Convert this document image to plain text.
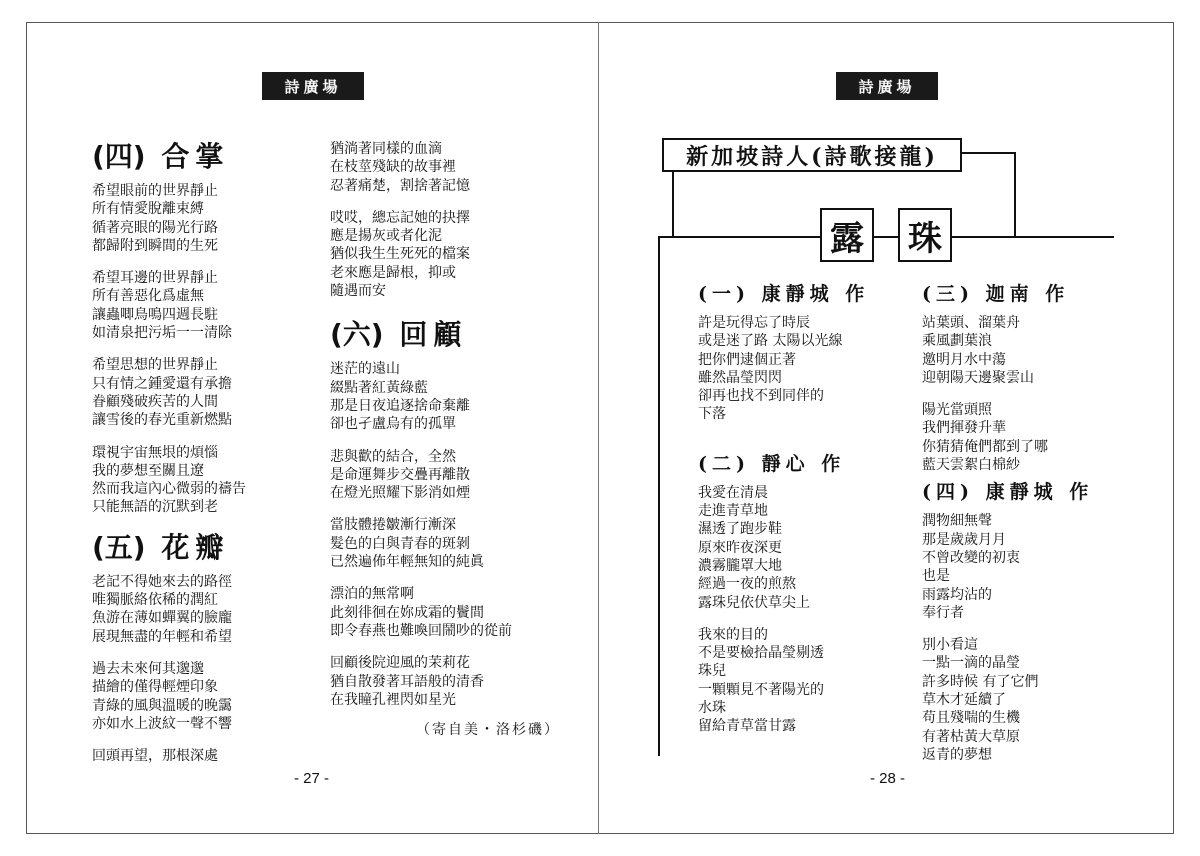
詩廣場
(四) 合掌
希望眼前的世界靜止
所有情愛脫離束縛
循著亮眼的陽光行路
都歸附到瞬間的生死
希望耳邊的世界靜止
所有善惡化爲虛無
讓蟲唧鳥鳴四週長駐
如清泉把污垢一一清除
希望思想的世界靜止
只有情之鍾愛還有承擔
眷顧殘破疾苦的人間
讓雪後的春光重新燃點
環視宇宙無垠的煩惱
我的夢想至關且遼
然而我這內心微弱的禱告
只能無語的沉默到老
(五) 花瓣
老記不得她來去的路徑
唯獨脈絡依稀的潤紅
魚游在薄如蟬翼的臉龐
展現無盡的年輕和希望
過去未來何其邈邈
描繪的僅得輕煙印象
青綠的風與溫暖的晚靄
亦如水上波紋一聲不響
回頭再望，那根深處
猶淌著同樣的血滴
在枝莖殘缺的故事裡
忍著痛楚，割捨著記憶
哎哎，總忘記她的抉擇
應是揚灰或者化泥
猶似我生生死死的檔案
老來應是歸根，抑或
隨遇而安
(六) 回顧
迷茫的遠山
綴點著紅黃綠藍
那是日夜追逐捨命棄離
卻也孑盧烏有的孤單
悲與歡的結合，全然
是命運舞步交疊再離散
在燈光照耀下影消如煙
當肢體捲皺漸行漸深
髮色的白與青春的斑剝
已然遍佈年輕無知的純眞
漂泊的無常啊
此刻徘徊在妳成霜的鬢間
即令春燕也難喚回鬧吵的從前
回顧後院迎風的茉莉花
猶自散發著耳語般的清香
在我瞳孔裡閃如星光
（寄自美・洛杉磯）
- 27 -
詩廣場
新加坡詩人(詩歌接龍)
露 珠
(一) 康靜城 作
許是玩得忘了時辰
或是迷了路 太陽以光線
把你們逮個正著
雖然晶瑩閃閃
卻再也找不到同伴的
下落
(二) 靜心 作
我愛在清晨
走進青草地
濕透了跑步鞋
原來昨夜深更
濃霧朧罩大地
經過一夜的煎熬
露珠兒依伏草尖上
我來的目的
不是要檢拾晶瑩剔透
珠兒
一顆顆見不著陽光的
水珠
留給青草當甘露
(三) 迦南 作
站葉頭、溜葉舟
乘風劃葉浪
邀明月水中蕩
迎朝陽天邊聚雲山
陽光當頭照
我們揮發升華
你猜猜俺們都到了哪
藍天雲絮白棉紗
(四) 康靜城 作
潤物細無聲
那是歲歲月月
不曾改變的初衷
也是
雨露均沾的
奉行者
別小看這
一點一滴的晶瑩
許多時候 有了它們
草木才延續了
苟且殘喘的生機
有著枯黃大草原
返青的夢想
- 28 -
